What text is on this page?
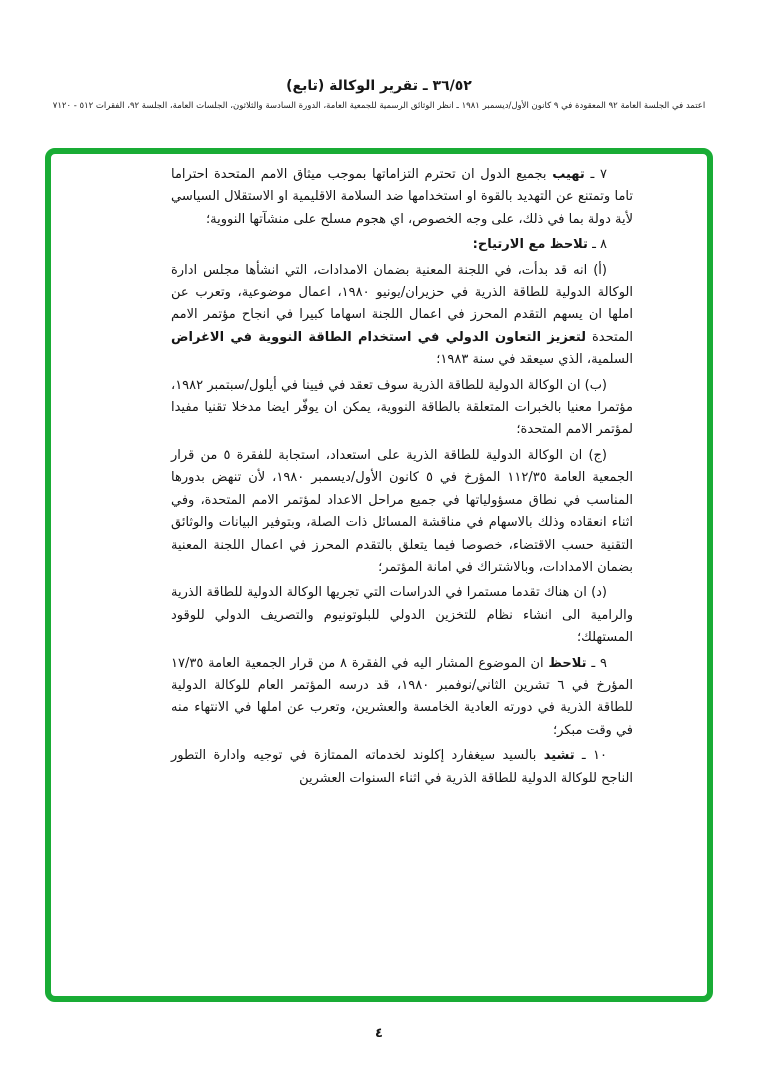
٣٦/٥٢ ـ تقرير الوكالة (تابع)
اعتمد في الجلسة العامة ٩٢ المعقودة في ٩ كانون الأول/ديسمبر ١٩٨١ ـ انظر الوثائق الرسمية للجمعية العامة، الدورة السادسة والثلاثون، الجلسات العامة، الجلسة ٩٢، الفقرات ٥١٢ - ٧١٢٠

٧ ـ تهيب بجميع الدول ان تحترم التزاماتها بموجب ميثاق الامم المتحدة احتراما تاما وتمتنع عن التهديد بالقوة او استخدامها ضد السلامة الاقليمية او الاستقلال السياسي لأية دولة بما في ذلك، على وجه الخصوص، اي هجوم مسلح على منشآتها النووية؛

٨ ـ تلاحظ مع الارتياح:

(أ) انه قد بدأت، في اللجنة المعنية بضمان الامدادات، التي انشأها مجلس ادارة الوكالة الدولية للطاقة الذرية في حزيران/يونيو ١٩٨٠، اعمال موضوعية، وتعرب عن املها ان يسهم التقدم المحرز في اعمال اللجنة اسهاما كبيرا في انجاح مؤتمر الامم المتحدة لتعزيز التعاون الدولي في استخدام الطاقة النووية في الاغراض السلمية، الذي سيعقد في سنة ١٩٨٣؛

(ب) ان الوكالة الدولية للطاقة الذرية سوف تعقد في فيينا في أيلول/سبتمبر ١٩٨٢، مؤتمرا معنيا بالخبرات المتعلقة بالطاقة النووية، يمكن ان يوفّر ايضا مدخلا تقنيا مفيدا لمؤتمر الامم المتحدة؛

(ج) ان الوكالة الدولية للطاقة الذرية على استعداد، استجابة للفقرة ٥ من قرار الجمعية العامة ١١٢/٣٥ المؤرخ في ٥ كانون الأول/ديسمبر ١٩٨٠، لأن تنهض بدورها المناسب في نطاق مسؤولياتها في جميع مراحل الاعداد لمؤتمر الامم المتحدة، وفي اثناء انعقاده وذلك بالاسهام في مناقشة المسائل ذات الصلة، وبتوفير البيانات والوثائق التقنية حسب الاقتضاء، خصوصا فيما يتعلق بالتقدم المحرز في اعمال اللجنة المعنية بضمان الامدادات، وبالاشتراك في امانة المؤتمر؛

(د) ان هناك تقدما مستمرا في الدراسات التي تجريها الوكالة الدولية للطاقة الذرية والرامية الى انشاء نظام للتخزين الدولي للبلوتونيوم والتصريف الدولي للوقود المستهلك؛

٩ ـ تلاحظ ان الموضوع المشار اليه في الفقرة ٨ من قرار الجمعية العامة ١٧/٣٥ المؤرخ في ٦ تشرين الثاني/نوفمبر ١٩٨٠، قد درسه المؤتمر العام للوكالة الدولية للطاقة الذرية في دورته العادية الخامسة والعشرين، وتعرب عن املها في الانتهاء منه في وقت مبكر؛

١٠ ـ تشيد بالسيد سيغفارد إكلوند لخدماته الممتازة في توجيه وادارة التطور الناجح للوكالة الدولية للطاقة الذرية في اثناء السنوات العشرين

٤
